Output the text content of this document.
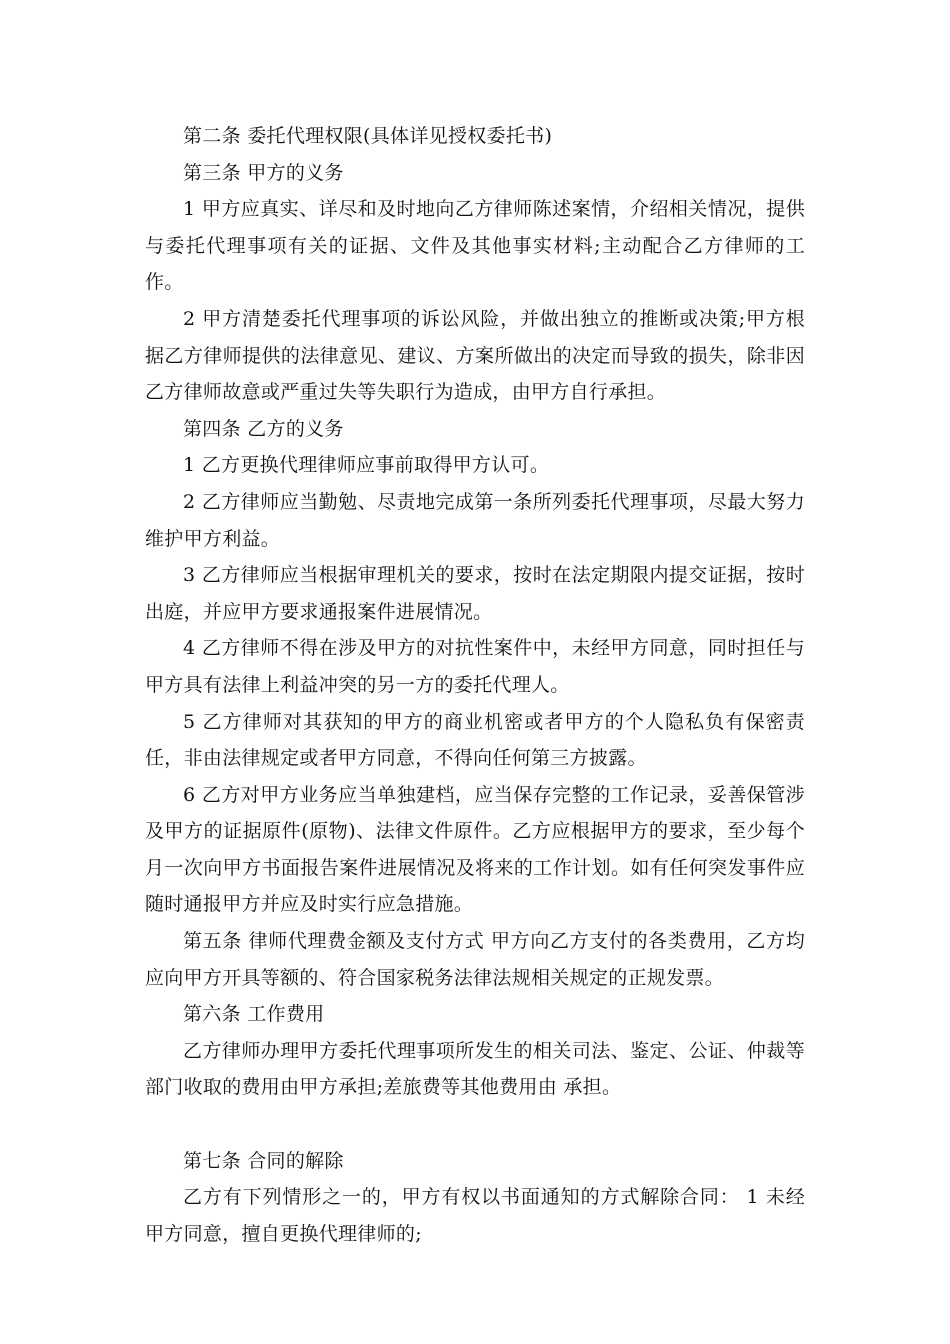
第二条 委托代理权限(具体详见授权委托书)

第三条 甲方的义务

1 甲方应真实、详尽和及时地向乙方律师陈述案情，介绍相关情况，提供与委托代理事项有关的证据、文件及其他事实材料;主动配合乙方律师的工作。

2 甲方清楚委托代理事项的诉讼风险，并做出独立的推断或决策;甲方根据乙方律师提供的法律意见、建议、方案所做出的决定而导致的损失，除非因乙方律师故意或严重过失等失职行为造成，由甲方自行承担。

第四条 乙方的义务

1 乙方更换代理律师应事前取得甲方认可。

2 乙方律师应当勤勉、尽责地完成第一条所列委托代理事项，尽最大努力维护甲方利益。

3 乙方律师应当根据审理机关的要求，按时在法定期限内提交证据，按时出庭，并应甲方要求通报案件进展情况。

4 乙方律师不得在涉及甲方的对抗性案件中，未经甲方同意，同时担任与甲方具有法律上利益冲突的另一方的委托代理人。

5 乙方律师对其获知的甲方的商业机密或者甲方的个人隐私负有保密责任，非由法律规定或者甲方同意，不得向任何第三方披露。

6 乙方对甲方业务应当单独建档，应当保存完整的工作记录，妥善保管涉及甲方的证据原件(原物)、法律文件原件。乙方应根据甲方的要求，至少每个月一次向甲方书面报告案件进展情况及将来的工作计划。如有任何突发事件应随时通报甲方并应及时实行应急措施。

第五条 律师代理费金额及支付方式 甲方向乙方支付的各类费用，乙方均应向甲方开具等额的、符合国家税务法律法规相关规定的正规发票。

第六条 工作费用

乙方律师办理甲方委托代理事项所发生的相关司法、鉴定、公证、仲裁等部门收取的费用由甲方承担;差旅费等其他费用由 承担。

第七条 合同的解除

乙方有下列情形之一的，甲方有权以书面通知的方式解除合同： 1 未经甲方同意，擅自更换代理律师的;
